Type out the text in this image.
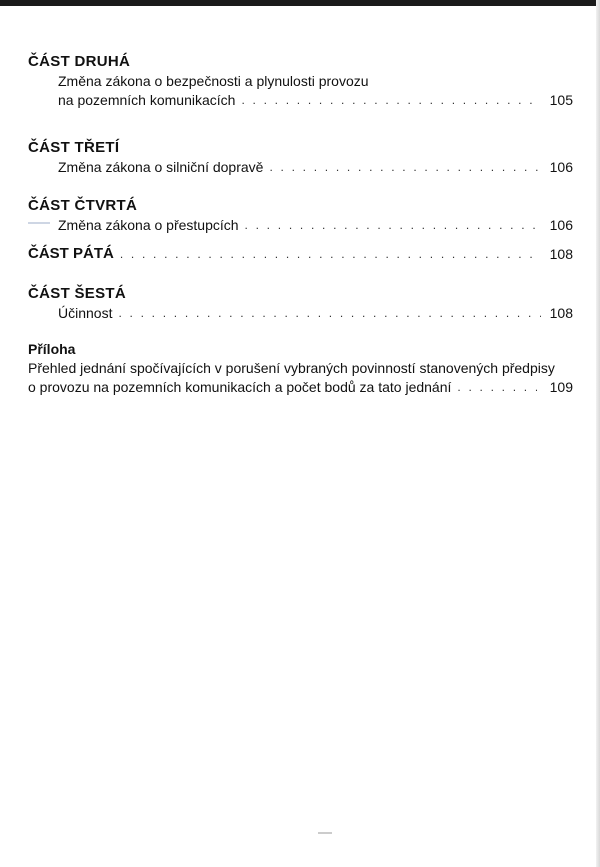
ČÁST DRUHÁ
Změna zákona o bezpečnosti a plynulosti provozu
na pozemních komunikacích . . .	105
ČÁST TŘETÍ
Změna zákona o silniční dopravě . . .	106
ČÁST ČTVRTÁ
Změna zákona o přestupcích . . .	106
ČÁST PÁTÁ . . .	108
ČÁST ŠESTÁ
Účinnost . . .	108
Příloha
Přehled jednání spočívajících v porušení vybraných povinností stanovených předpisy
o provozu na pozemních komunikacích a počet bodů za tato jednání . . .	109
